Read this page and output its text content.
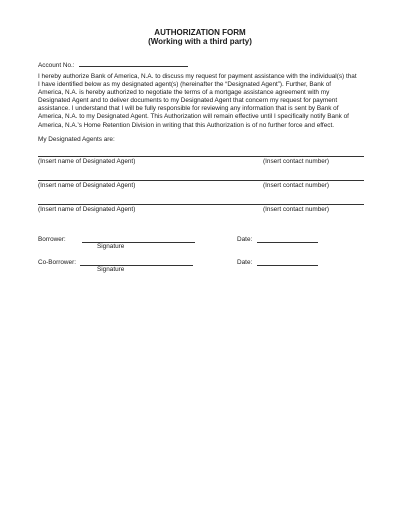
AUTHORIZATION FORM
(Working with a third party)
Account No.:
I hereby authorize Bank of America, N.A. to discuss my request for payment assistance with the individual(s) that
I have identified below as my designated agent(s) (hereinafter the “Designated Agent”). Further, Bank of
America, N.A. is hereby authorized to negotiate the terms of a mortgage assistance agreement with my
Designated Agent and to deliver documents to my Designated Agent that concern my request for payment
assistance. I understand that I will be fully responsible for reviewing any information that is sent by Bank of
America, N.A. to my Designated Agent. This Authorization will remain effective until I specifically notify Bank of
America, N.A.’s Home Retention Division in writing that this Authorization is of no further force and effect.
My Designated Agents are:
(Insert name of Designated Agent)	(Insert contact number)
(Insert name of Designated Agent)	(Insert contact number)
(Insert name of Designated Agent)	(Insert contact number)
Borrower:
Signature
Date:
Co-Borrower:
Signature
Date:
